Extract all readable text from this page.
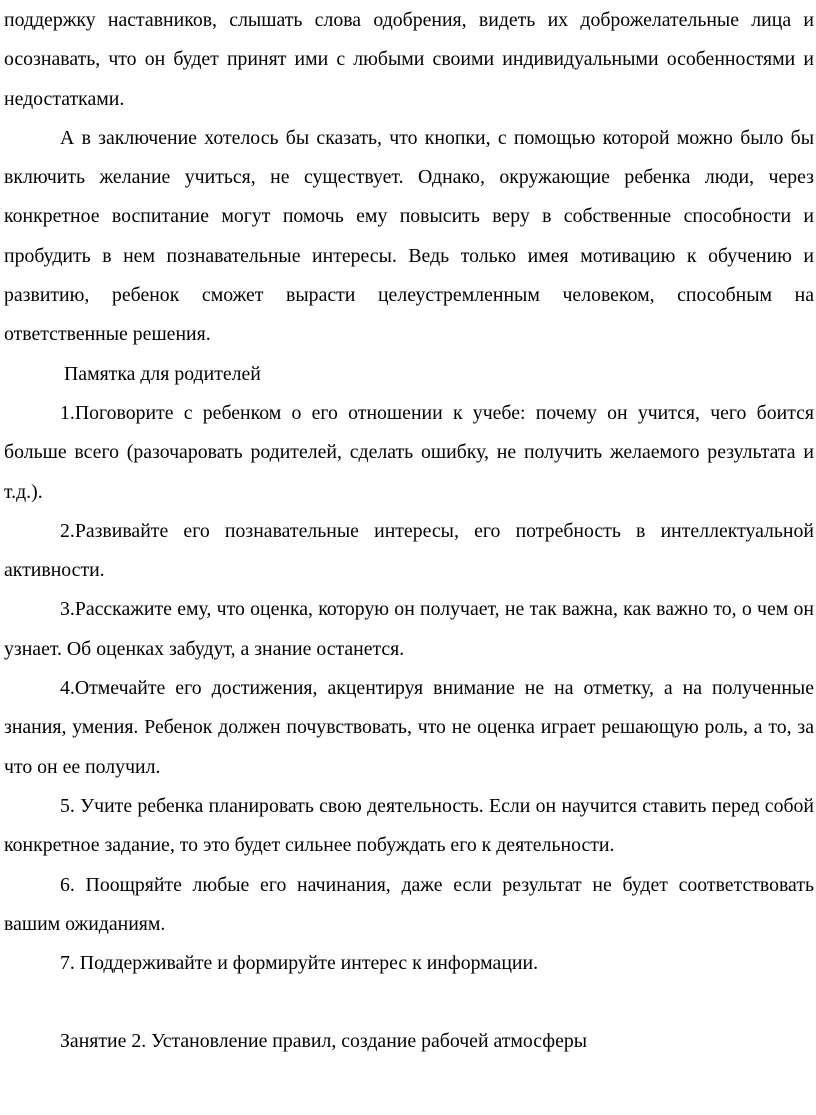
поддержку наставников, слышать слова одобрения, видеть их доброжелательные лица и осознавать, что он будет принят ими с любыми своими индивидуальными особенностями и недостатками.

А в заключение хотелось бы сказать, что кнопки, с помощью которой можно было бы включить желание учиться, не существует. Однако, окружающие ребенка люди, через конкретное воспитание могут помочь ему повысить веру в собственные способности и пробудить в нем познавательные интересы. Ведь только имея мотивацию к обучению и развитию, ребенок сможет вырасти целеустремленным человеком, способным на ответственные решения.

Памятка для родителей

1.Поговорите с ребенком о его отношении к учебе: почему он учится, чего боится больше всего (разочаровать родителей, сделать ошибку, не получить желаемого результата и т.д.).

2.Развивайте его познавательные интересы, его потребность в интеллектуальной активности.

3.Расскажите ему, что оценка, которую он получает, не так важна, как важно то, о чем он узнает. Об оценках забудут, а знание останется.

4.Отмечайте его достижения, акцентируя внимание не на отметку, а на полученные знания, умения. Ребенок должен почувствовать, что не оценка играет решающую роль, а то, за что он ее получил.

5. Учите ребенка планировать свою деятельность. Если он научится ставить перед собой конкретное задание, то это будет сильнее побуждать его к деятельности.

6. Поощряйте любые его начинания, даже если результат не будет соответствовать вашим ожиданиям.

7. Поддерживайте и формируйте интерес к информации.

Занятие 2. Установление правил, создание рабочей атмосферы
